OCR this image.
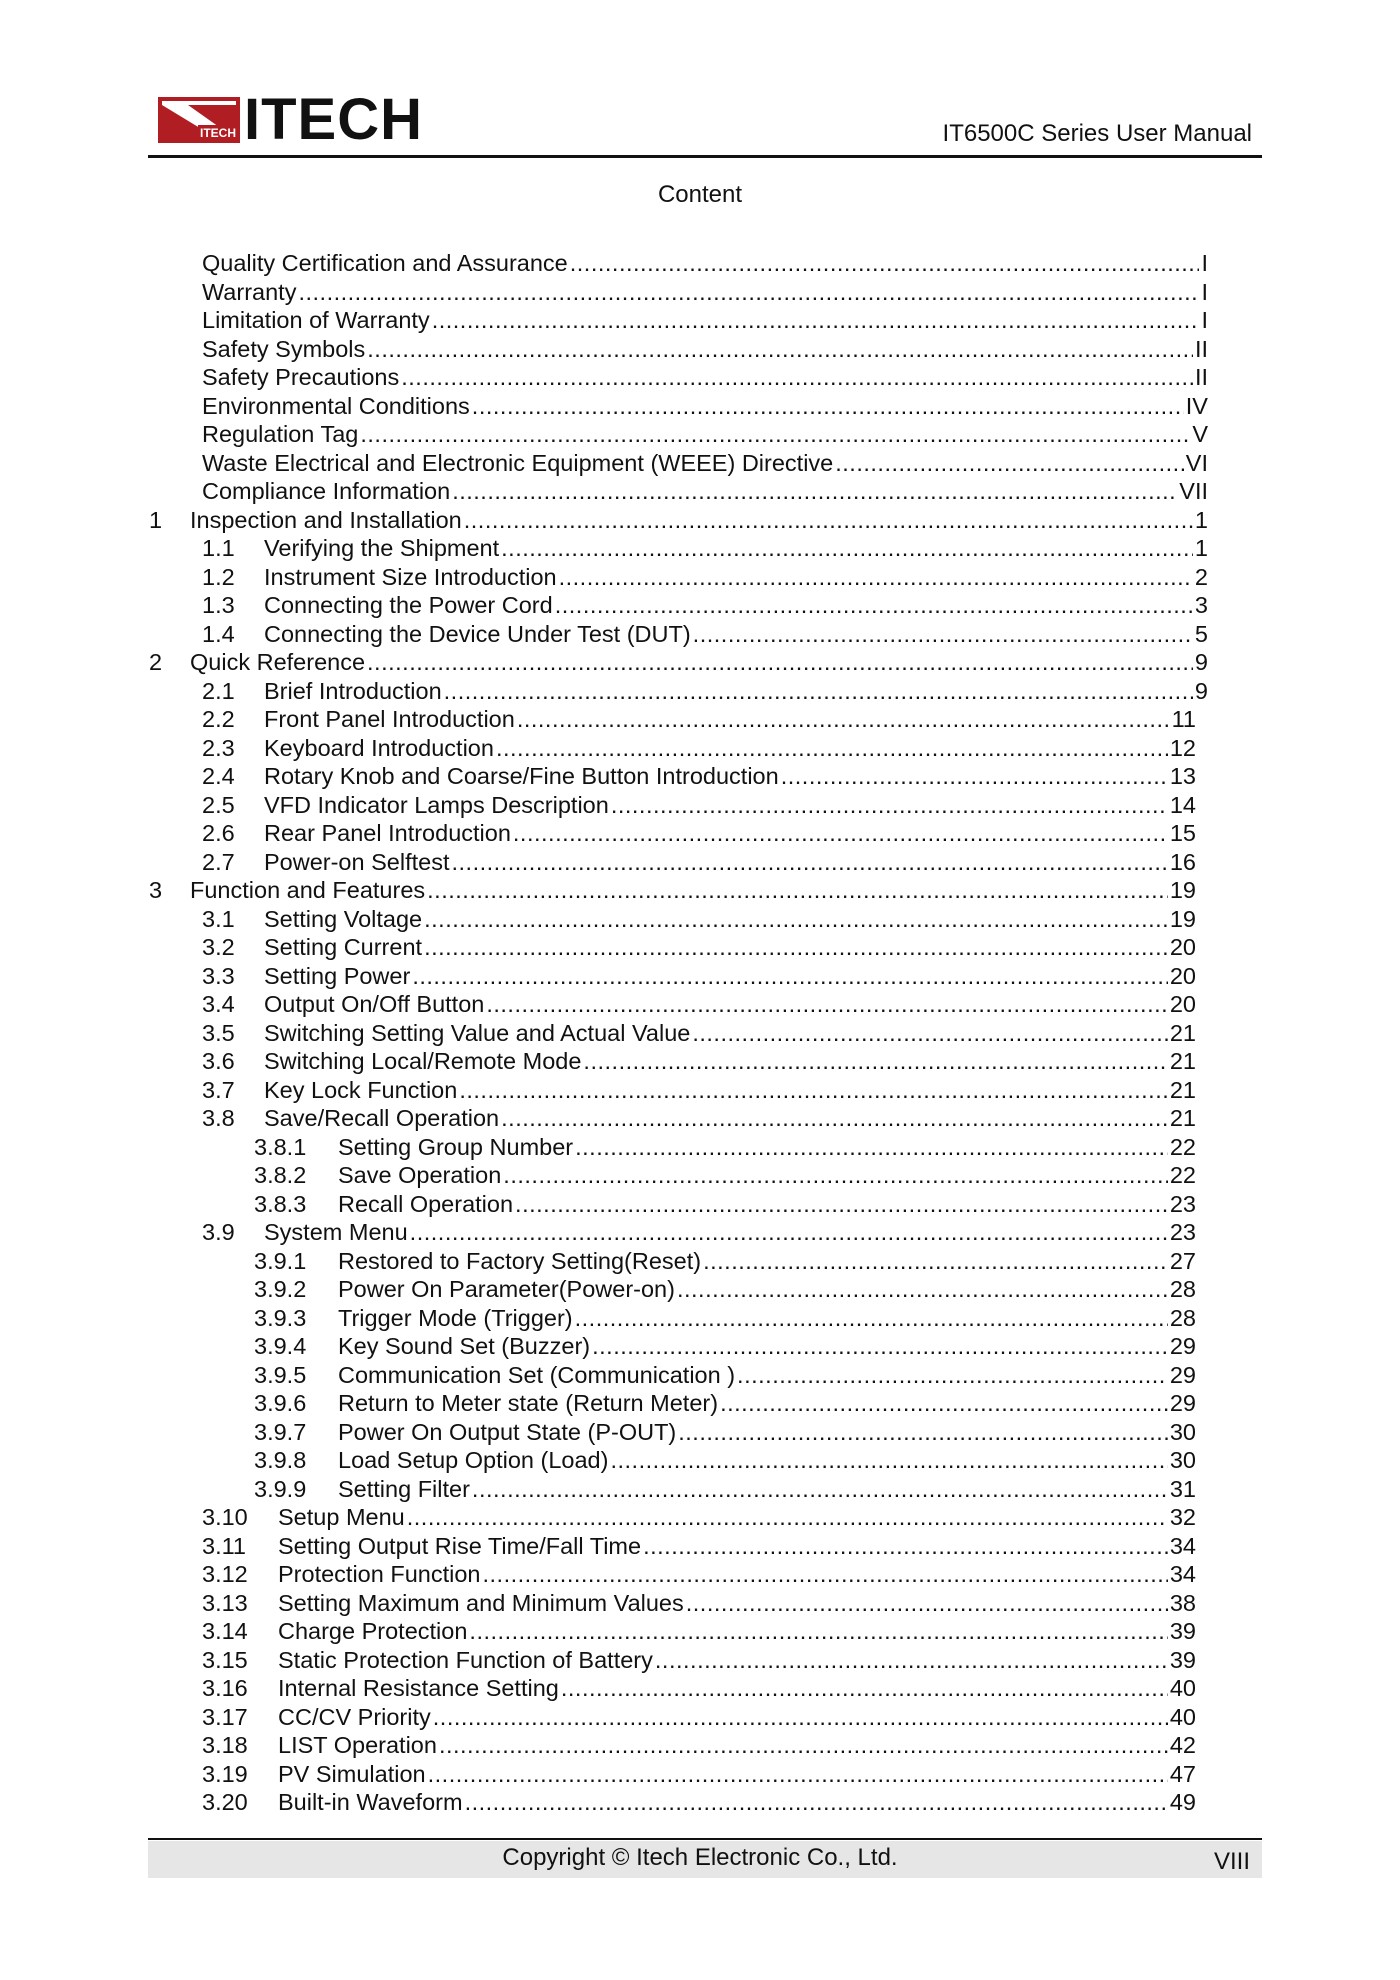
ITECH ITECH	IT6500C Series User Manual
Content
Quality Certification and Assurance .....	I
Warranty .....	I
Limitation of Warranty .....	I
Safety Symbols .....	II
Safety Precautions .....	II
Environmental Conditions .....	IV
Regulation Tag .....	V
Waste Electrical and Electronic Equipment (WEEE) Directive .....	VI
Compliance Information .....	VII
1 Inspection and Installation .....	1
1.1 Verifying the Shipment .....	1
1.2 Instrument Size Introduction .....	2
1.3 Connecting the Power Cord .....	3
1.4 Connecting the Device Under Test (DUT) .....	5
2 Quick Reference .....	9
2.1 Brief Introduction .....	9
2.2 Front Panel Introduction .....	11
2.3 Keyboard Introduction .....	12
2.4 Rotary Knob and Coarse/Fine Button Introduction .....	13
2.5 VFD Indicator Lamps Description .....	14
2.6 Rear Panel Introduction .....	15
2.7 Power-on Selftest .....	16
3 Function and Features .....	19
3.1 Setting Voltage .....	19
3.2 Setting Current .....	20
3.3 Setting Power .....	20
3.4 Output On/Off Button .....	20
3.5 Switching Setting Value and Actual Value .....	21
3.6 Switching Local/Remote Mode .....	21
3.7 Key Lock Function .....	21
3.8 Save/Recall Operation .....	21
3.8.1 Setting Group Number .....	22
3.8.2 Save Operation .....	22
3.8.3 Recall Operation .....	23
3.9 System Menu .....	23
3.9.1 Restored to Factory Setting(Reset) .....	27
3.9.2 Power On Parameter(Power-on) .....	28
3.9.3 Trigger Mode (Trigger) .....	28
3.9.4 Key Sound Set (Buzzer) .....	29
3.9.5 Communication Set (Communication ) .....	29
3.9.6 Return to Meter state (Return Meter) .....	29
3.9.7 Power On Output State (P-OUT) .....	30
3.9.8 Load Setup Option (Load) .....	30
3.9.9 Setting Filter .....	31
3.10 Setup Menu .....	32
3.11 Setting Output Rise Time/Fall Time .....	34
3.12 Protection Function .....	34
3.13 Setting Maximum and Minimum Values .....	38
3.14 Charge Protection .....	39
3.15 Static Protection Function of Battery .....	39
3.16 Internal Resistance Setting .....	40
3.17 CC/CV Priority .....	40
3.18 LIST Operation .....	42
3.19 PV Simulation .....	47
3.20 Built-in Waveform .....	49
Copyright © Itech Electronic Co., Ltd.	VIII
